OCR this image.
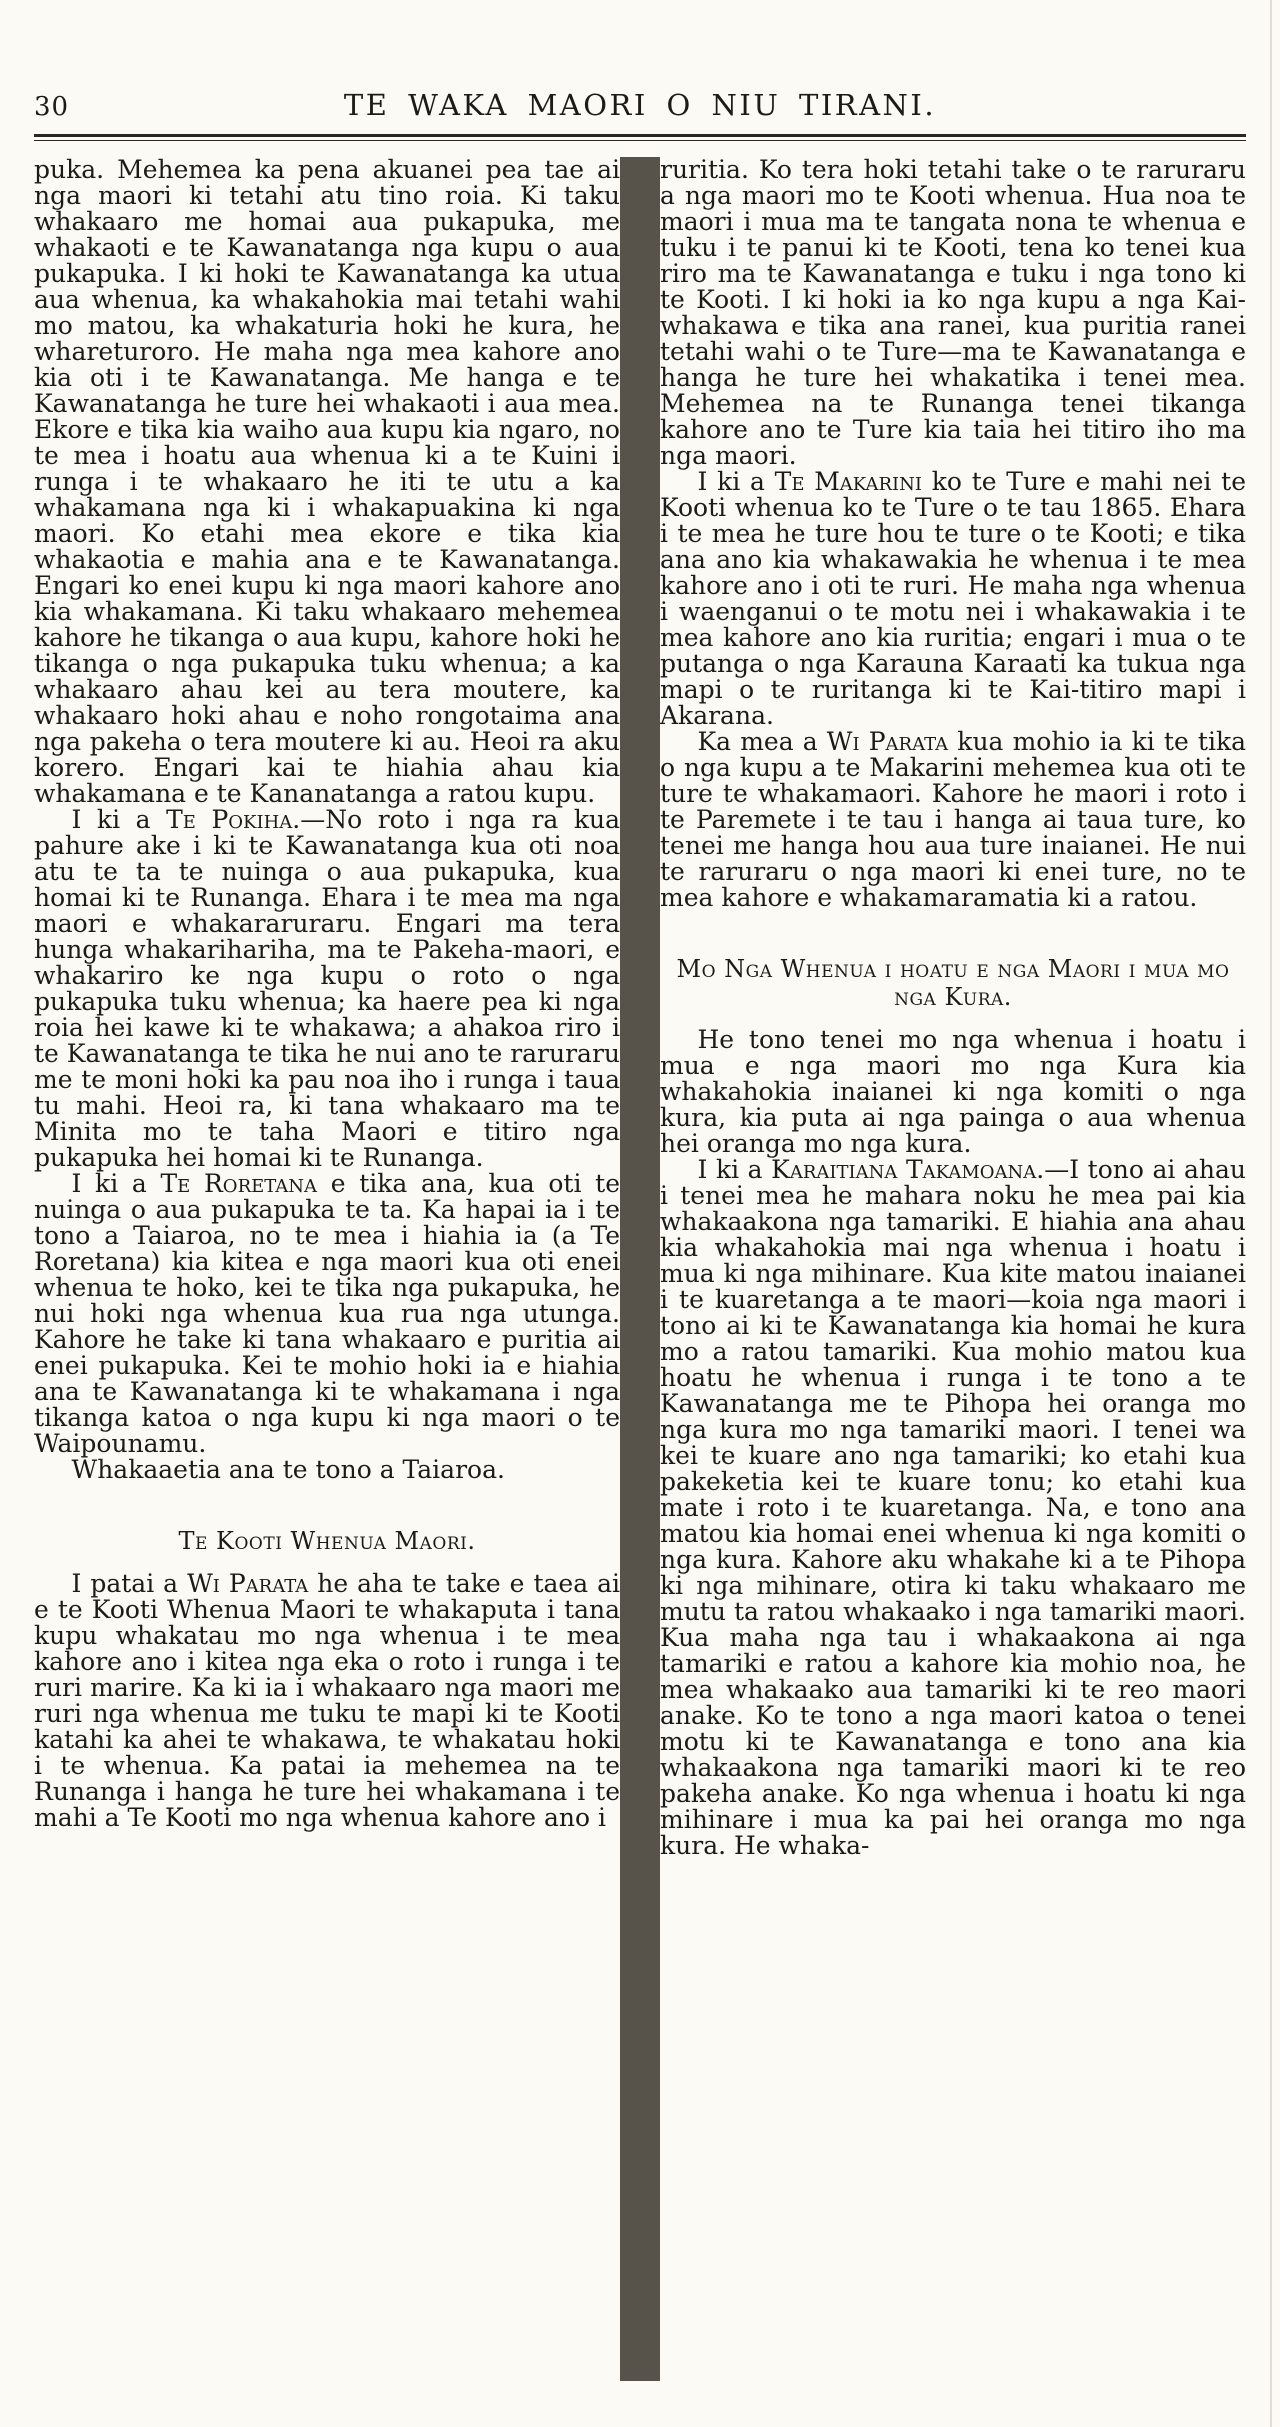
30	TE WAKA MAORI O NIU TIRANI.

puka. Mehemea ka pena akuanei pea tae ai nga maori ki tetahi atu tino roia. Ki taku whakaaro me homai aua pukapuka, me whakaoti e te Kawanatanga nga kupu o aua pukapuka. I ki hoki te Kawanatanga ka utua aua whenua, ka whakahokia mai tetahi wahi mo matou, ka whakaturia hoki he kura, he whareturoro. He maha nga mea kahore ano kia oti i te Kawanatanga. Me hanga e te Kawanatanga he ture hei whakaoti i aua mea. Ekore e tika kia waiho aua kupu kia ngaro, no te mea i hoatu aua whenua ki a te Kuini i runga i te whakaaro he iti te utu a ka whakamana nga ki i whakapuakina ki nga maori. Ko etahi mea ekore e tika kia whakaotia e mahia ana e te Kawanatanga. Engari ko enei kupu ki nga maori kahore ano kia whakamana. Ki taku whakaaro mehemea kahore he tikanga o aua kupu, kahore hoki he tikanga o nga pukapuka tuku whenua; a ka whakaaro ahau kei au tera moutere, ka whakaaro hoki ahau e noho rongotaima ana nga pakeha o tera moutere ki au. Heoi ra aku korero. Engari kai te hiahia ahau kia whakamana e te Kananatanga a ratou kupu.

I ki a Te Pokiha.—No roto i nga ra kua pahure ake i ki te Kawanatanga kua oti noa atu te ta te nuinga o aua pukapuka, kua homai ki te Runanga. Ehara i te mea ma nga maori e whakararuraru. Engari ma tera hunga whakarihariha, ma te Pakeha-maori, e whakariro ke nga kupu o roto o nga pukapuka tuku whenua; ka haere pea ki nga roia hei kawe ki te whakawa; a ahakoa riro i te Kawanatanga te tika he nui ano te raruraru me te moni hoki ka pau noa iho i runga i taua tu mahi. Heoi ra, ki tana whakaaro ma te Minita mo te taha Maori e titiro nga pukapuka hei homai ki te Runanga.

I ki a Te Roretana e tika ana, kua oti te nuinga o aua pukapuka te ta. Ka hapai ia i te tono a Taiaroa, no te mea i hiahia ia (a Te Roretana) kia kitea e nga maori kua oti enei whenua te hoko, kei te tika nga pukapuka, he nui hoki nga whenua kua rua nga utunga. Kahore he take ki tana whakaaro e puritia ai enei pukapuka. Kei te mohio hoki ia e hiahia ana te Kawanatanga ki te whakamana i nga tikanga katoa o nga kupu ki nga maori o te Waipounamu.

Whakaaetia ana te tono a Taiaroa.

Te Kooti Whenua Maori.

I patai a Wi Parata he aha te take e taea ai e te Kooti Whenua Maori te whakaputa i tana kupu whakatau mo nga whenua i te mea kahore ano i kitea nga eka o roto i runga i te ruri marire. Ka ki ia i whakaaro nga maori me ruri nga whenua me tuku te mapi ki te Kooti katahi ka ahei te whakawa, te whakatau hoki i te whenua. Ka patai ia mehemea na te Runanga i hanga he ture hei whakamana i te mahi a Te Kooti mo nga whenua kahore ano i

ruritia. Ko tera hoki tetahi take o te raruraru a nga maori mo te Kooti whenua. Hua noa te maori i mua ma te tangata nona te whenua e tuku i te panui ki te Kooti, tena ko tenei kua riro ma te Kawanatanga e tuku i nga tono ki te Kooti. I ki hoki ia ko nga kupu a nga Kai-whakawa e tika ana ranei, kua puritia ranei tetahi wahi o te Ture—ma te Kawanatanga e hanga he ture hei whakatika i tenei mea. Mehemea na te Runanga tenei tikanga kahore ano te Ture kia taia hei titiro iho ma nga maori.

I ki a Te Makarini ko te Ture e mahi nei te Kooti whenua ko te Ture o te tau 1865. Ehara i te mea he ture hou te ture o te Kooti; e tika ana ano kia whakawakia he whenua i te mea kahore ano i oti te ruri. He maha nga whenua i waenganui o te motu nei i whakawakia i te mea kahore ano kia ruritia; engari i mua o te putanga o nga Karauna Karaati ka tukua nga mapi o te ruritanga ki te Kai-titiro mapi i Akarana.

Ka mea a Wi Parata kua mohio ia ki te tika o nga kupu a te Makarini mehemea kua oti te ture te whakamaori. Kahore he maori i roto i te Paremete i te tau i hanga ai taua ture, ko tenei me hanga hou aua ture inaianei. He nui te raruraru o nga maori ki enei ture, no te mea kahore e whakamaramatia ki a ratou.

Mo Nga Whenua i hoatu e nga Maori i mua mo nga Kura.

He tono tenei mo nga whenua i hoatu i mua e nga maori mo nga Kura kia whakahokia inaianei ki nga komiti o nga kura, kia puta ai nga painga o aua whenua hei oranga mo nga kura.

I ki a Karaitiana Takamoana.—I tono ai ahau i tenei mea he mahara noku he mea pai kia whakaakona nga tamariki. E hiahia ana ahau kia whakahokia mai nga whenua i hoatu i mua ki nga mihinare. Kua kite matou inaianei i te kuaretanga a te maori—koia nga maori i tono ai ki te Kawanatanga kia homai he kura mo a ratou tamariki. Kua mohio matou kua hoatu he whenua i runga i te tono a te Kawanatanga me te Pihopa hei oranga mo nga kura mo nga tamariki maori. I tenei wa kei te kuare ano nga tamariki; ko etahi kua pakeketia kei te kuare tonu; ko etahi kua mate i roto i te kuaretanga. Na, e tono ana matou kia homai enei whenua ki nga komiti o nga kura. Kahore aku whakahe ki a te Pihopa ki nga mihinare, otira ki taku whakaaro me mutu ta ratou whakaako i nga tamariki maori. Kua maha nga tau i whakaakona ai nga tamariki e ratou a kahore kia mohio noa, he mea whakaako aua tamariki ki te reo maori anake. Ko te tono a nga maori katoa o tenei motu ki te Kawanatanga e tono ana kia whakaakona nga tamariki maori ki te reo pakeha anake. Ko nga whenua i hoatu ki nga mihinare i mua ka pai hei oranga mo nga kura. He whaka-
